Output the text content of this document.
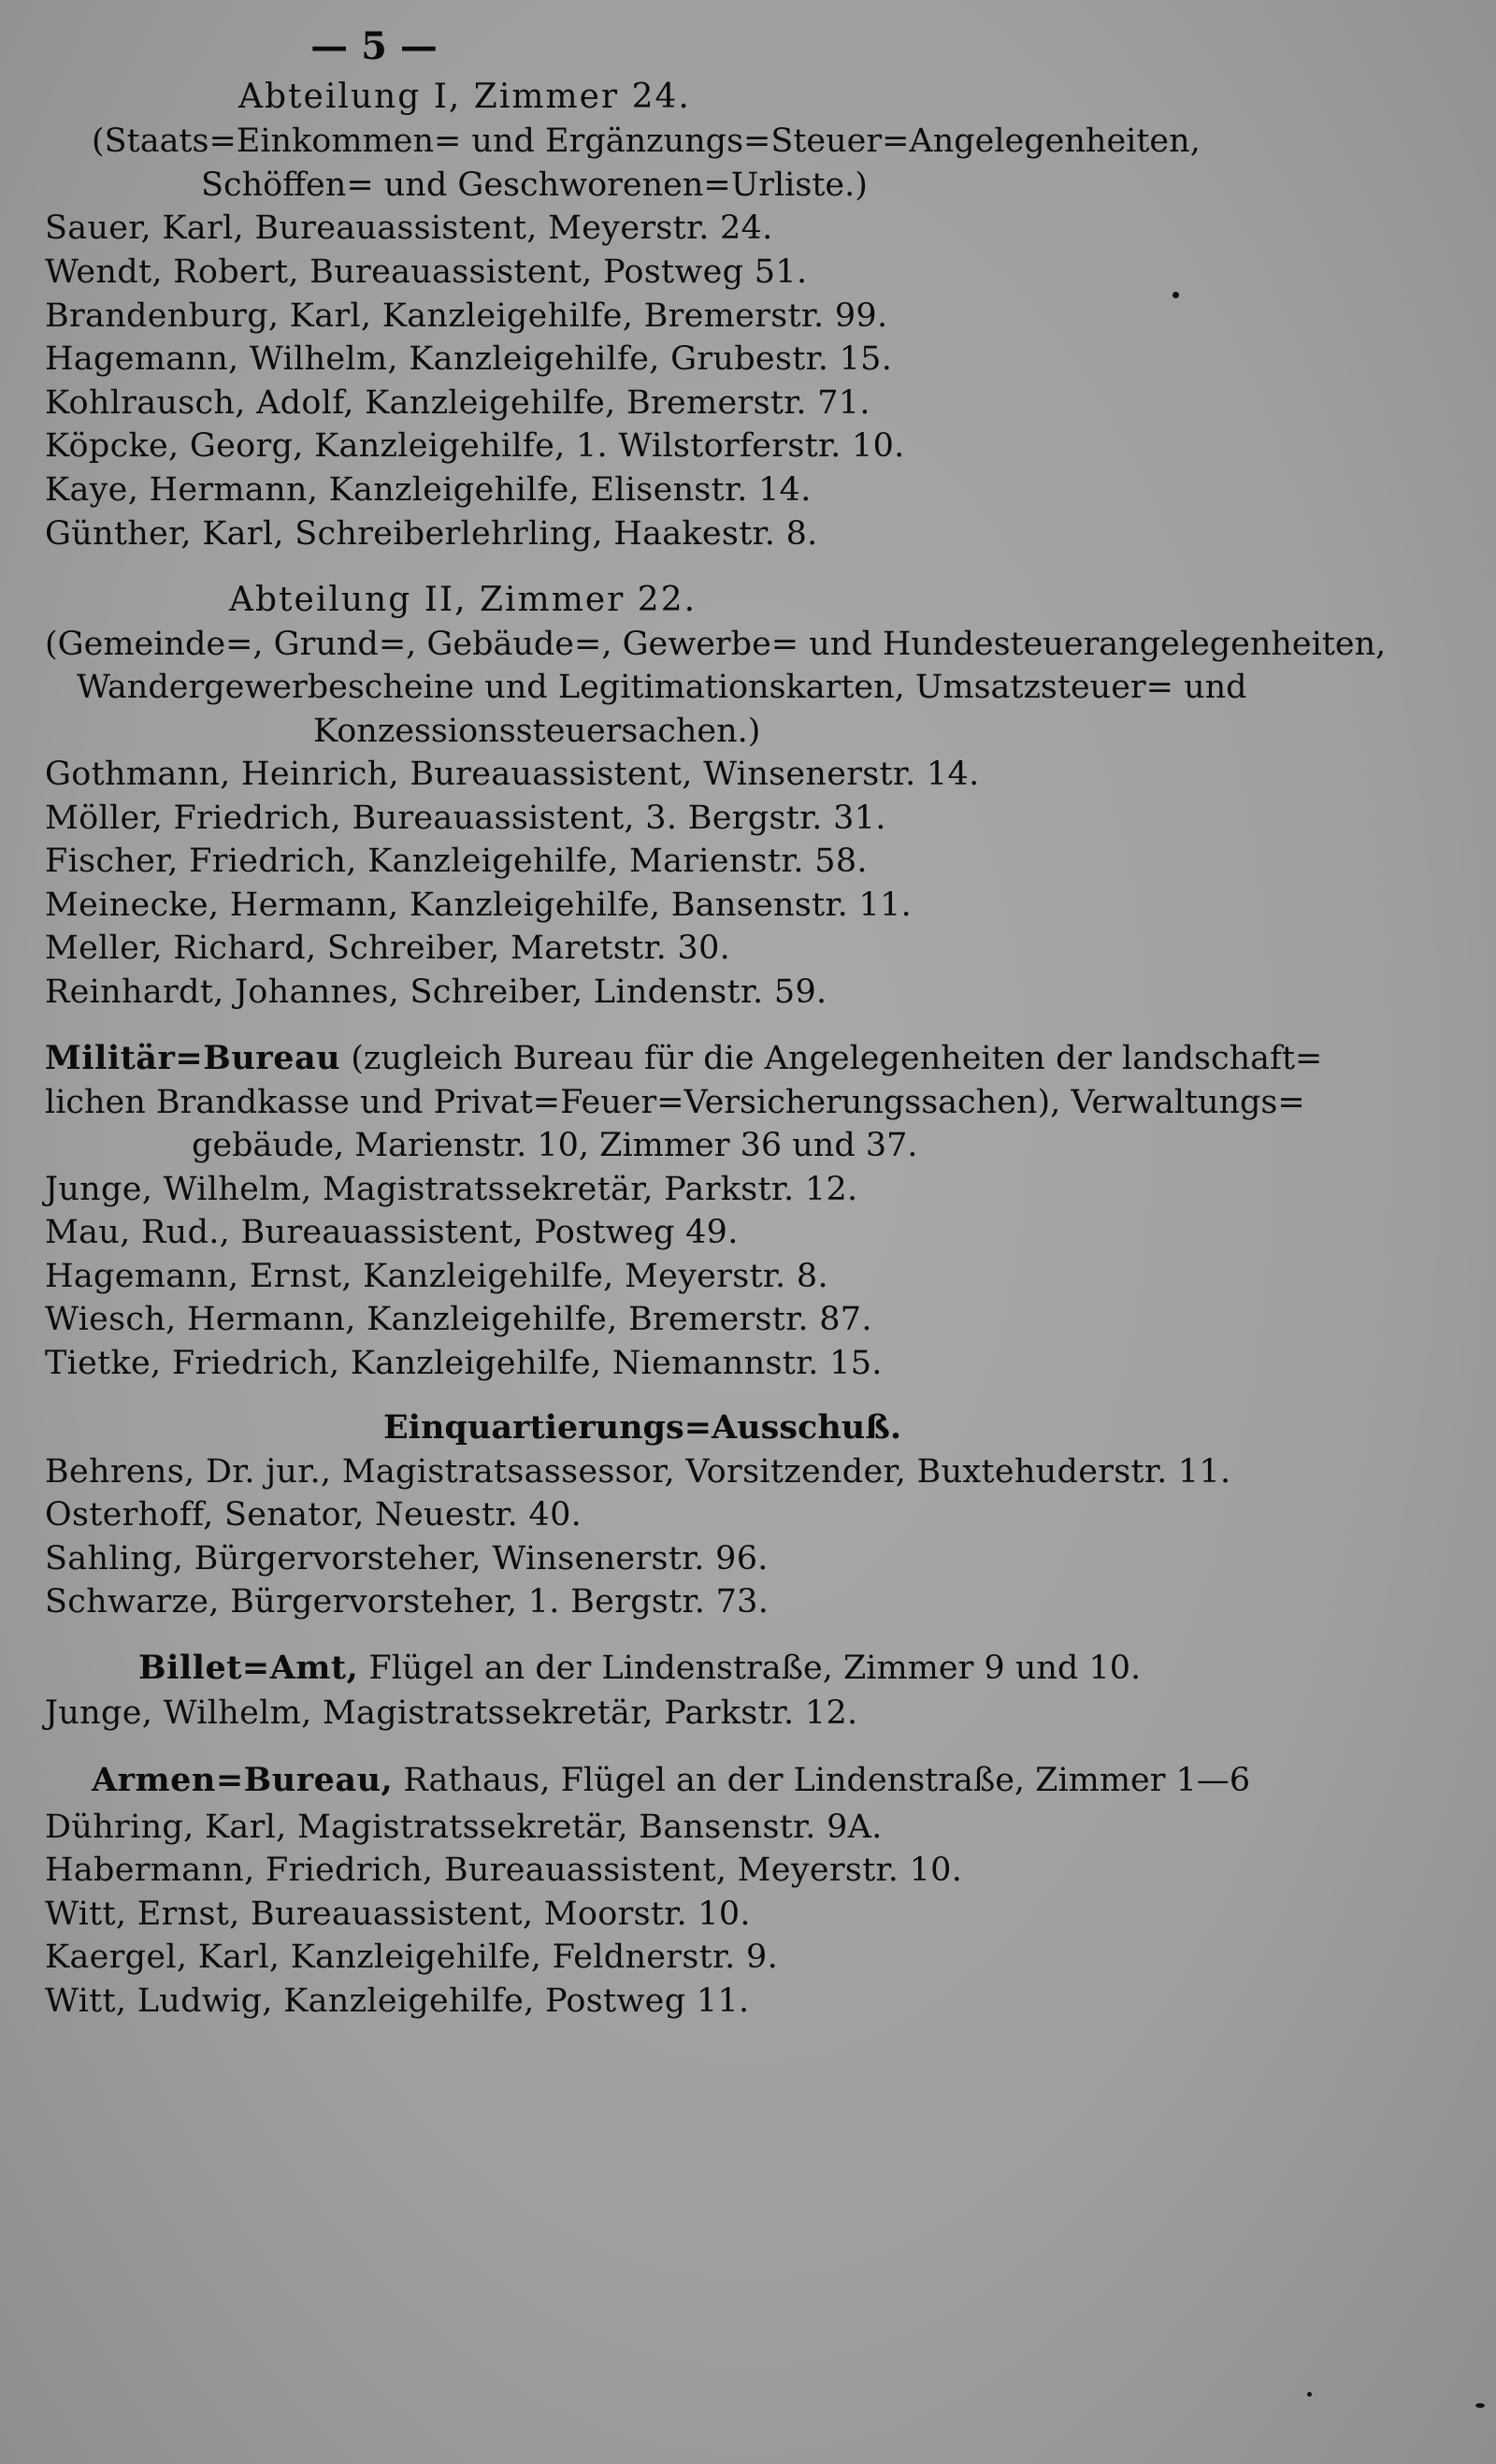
— 5 —
Abteilung I, Zimmer 24.
(Staats=Einkommen= und Ergänzungs=Steuer=Angelegenheiten,
Schöffen= und Geschworenen=Urliste.)
Sauer, Karl, Bureauassistent, Meyerstr. 24.
Wendt, Robert, Bureauassistent, Postweg 51.
Brandenburg, Karl, Kanzleigehilfe, Bremerstr. 99.
Hagemann, Wilhelm, Kanzleigehilfe, Grubestr. 15.
Kohlrausch, Adolf, Kanzleigehilfe, Bremerstr. 71.
Köpcke, Georg, Kanzleigehilfe, 1. Wilstorferstr. 10.
Kaye, Hermann, Kanzleigehilfe, Elisenstr. 14.
Günther, Karl, Schreiberlehrling, Haakestr. 8.
Abteilung II, Zimmer 22.
(Gemeinde=, Grund=, Gebäude=, Gewerbe= und Hundesteuerangelegenheiten,
Wandergewerbescheine und Legitimationskarten, Umsatzsteuer= und
Konzessionssteuersachen.)
Gothmann, Heinrich, Bureauassistent, Winsenerstr. 14.
Möller, Friedrich, Bureauassistent, 3. Bergstr. 31.
Fischer, Friedrich, Kanzleigehilfe, Marienstr. 58.
Meinecke, Hermann, Kanzleigehilfe, Bansenstr. 11.
Meller, Richard, Schreiber, Maretstr. 30.
Reinhardt, Johannes, Schreiber, Lindenstr. 59.
Militär=Bureau (zugleich Bureau für die Angelegenheiten der landschaft=
lichen Brandkasse und Privat=Feuer=Versicherungssachen), Verwaltungs=
gebäude, Marienstr. 10, Zimmer 36 und 37.
Junge, Wilhelm, Magistratssekretär, Parkstr. 12.
Mau, Rud., Bureauassistent, Postweg 49.
Hagemann, Ernst, Kanzleigehilfe, Meyerstr. 8.
Wiesch, Hermann, Kanzleigehilfe, Bremerstr. 87.
Tietke, Friedrich, Kanzleigehilfe, Niemannstr. 15.
Einquartierungs=Ausschuß.
Behrens, Dr. jur., Magistratsassessor, Vorsitzender, Buxtehuderstr. 11.
Osterhoff, Senator, Neuestr. 40.
Sahling, Bürgervorsteher, Winsenerstr. 96.
Schwarze, Bürgervorsteher, 1. Bergstr. 73.
Billet=Amt, Flügel an der Lindenstraße, Zimmer 9 und 10.
Junge, Wilhelm, Magistratssekretär, Parkstr. 12.
Armen=Bureau, Rathaus, Flügel an der Lindenstraße, Zimmer 1—6
Dühring, Karl, Magistratssekretär, Bansenstr. 9A.
Habermann, Friedrich, Bureauassistent, Meyerstr. 10.
Witt, Ernst, Bureauassistent, Moorstr. 10.
Kaergel, Karl, Kanzleigehilfe, Feldnerstr. 9.
Witt, Ludwig, Kanzleigehilfe, Postweg 11.
